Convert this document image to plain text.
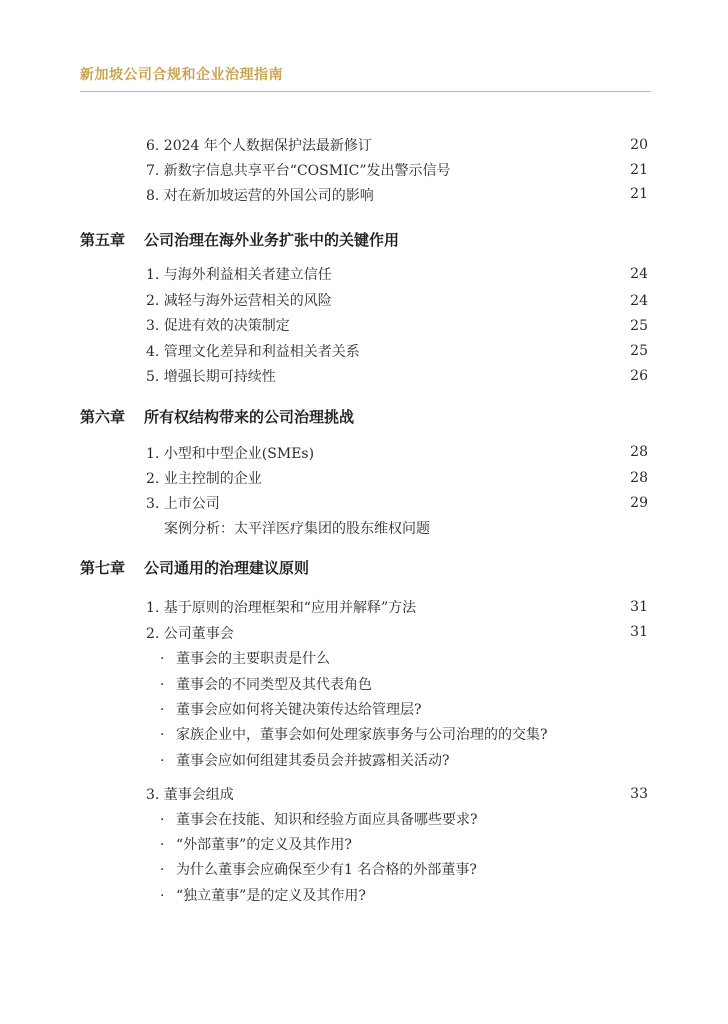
新加坡公司合规和企业治理指南
6. 2024 年个人数据保护法最新修订	20
7. 新数字信息共享平台“COSMIC”发出警示信号	21
8. 对在新加坡运营的外国公司的影响	21
第五章 公司治理在海外业务扩张中的关键作用
1. 与海外利益相关者建立信任	24
2. 减轻与海外运营相关的风险	24
3. 促进有效的决策制定	25
4. 管理文化差异和利益相关者关系	25
5. 增强长期可持续性	26
第六章 所有权结构带来的公司治理挑战
1. 小型和中型企业(SMEs)	28
2. 业主控制的企业	28
3. 上市公司	29
案例分析：太平洋医疗集团的股东维权问题
第七章 公司通用的治理建议原则
1. 基于原则的治理框架和“应用并解释”方法	31
2. 公司董事会	31
· 董事会的主要职责是什么
· 董事会的不同类型及其代表角色
· 董事会应如何将关键决策传达给管理层?
· 家族企业中，董事会如何处理家族事务与公司治理的的交集?
· 董事会应如何组建其委员会并披露相关活动?
3. 董事会组成	33
· 董事会在技能、知识和经验方面应具备哪些要求?
· “外部董事”的定义及其作用?
· 为什么董事会应确保至少有1 名合格的外部董事?
· “独立董事”是的定义及其作用?
